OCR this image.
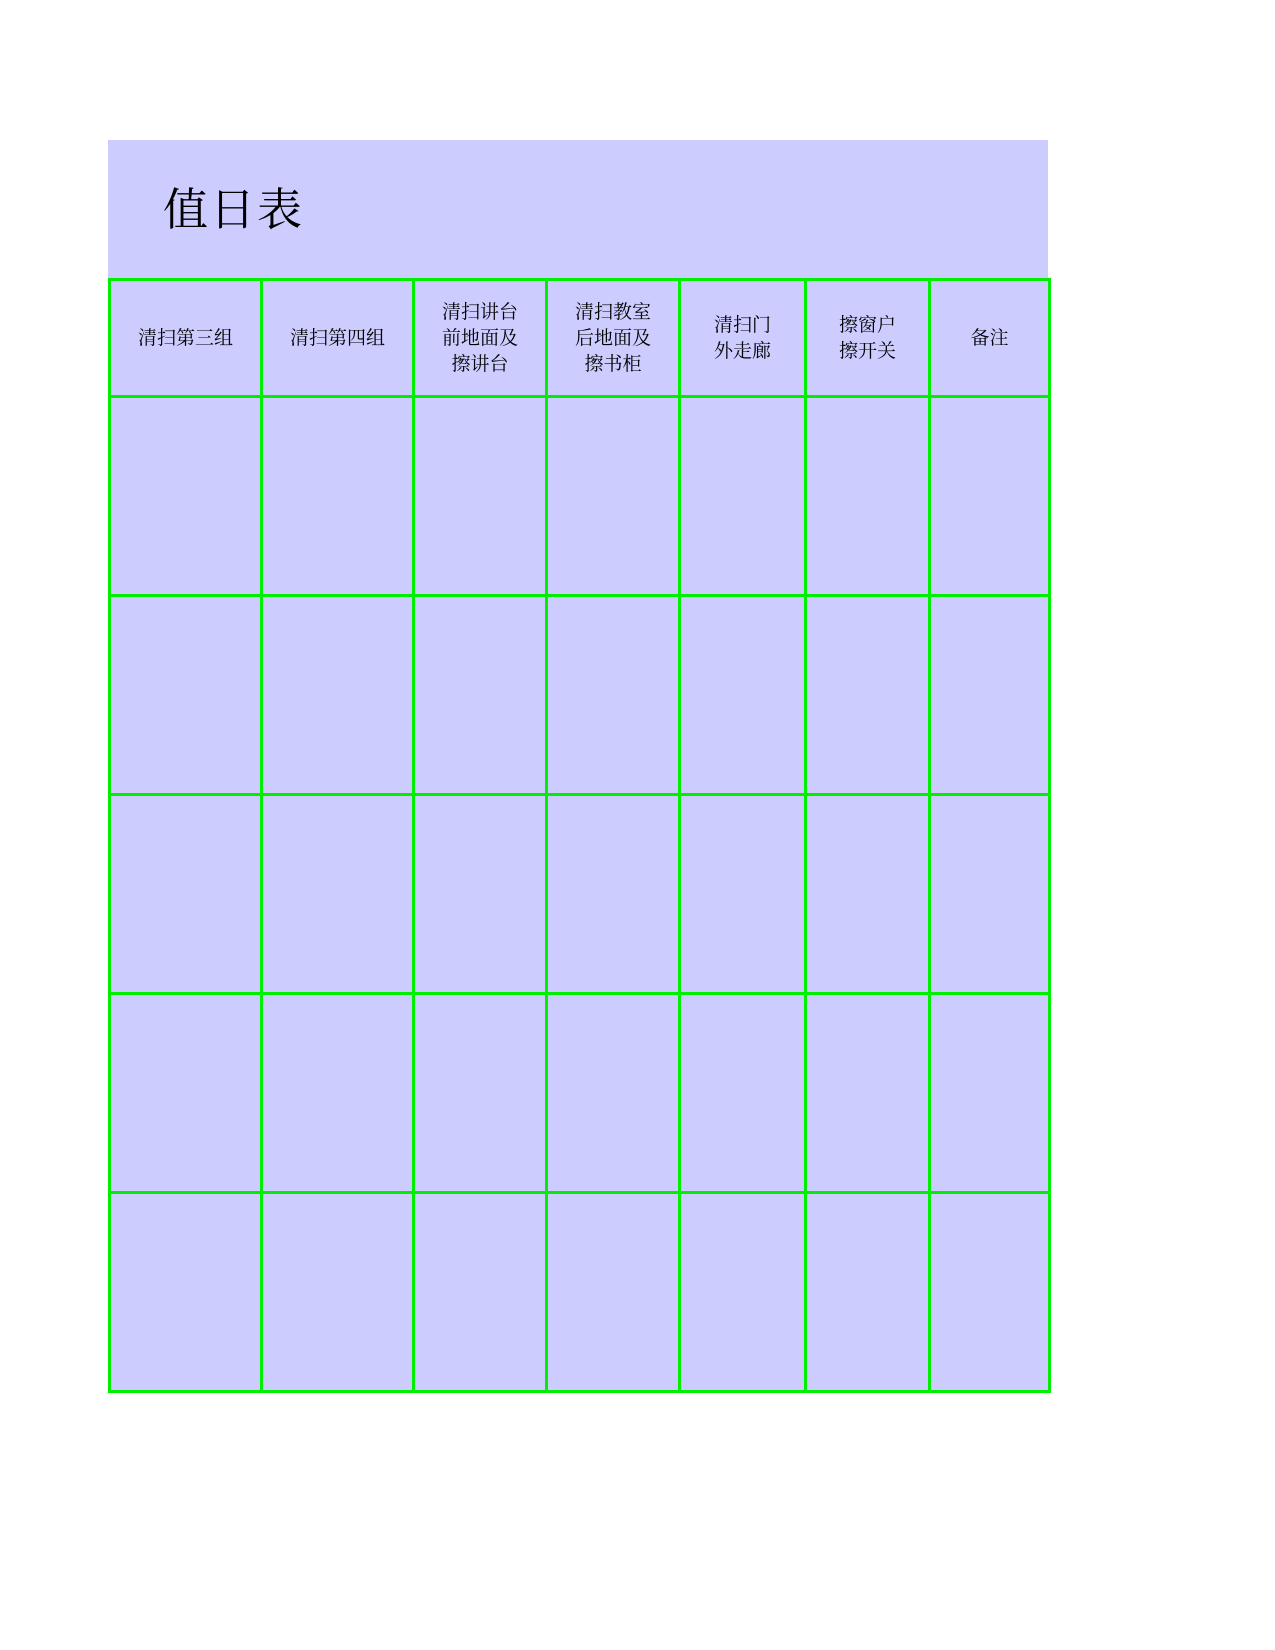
值日表
清扫第三组	清扫第四组	清扫讲台
前地面及
擦讲台	清扫教室
后地面及
擦书柜	清扫门
外走廊	擦窗户
擦开关	备注
